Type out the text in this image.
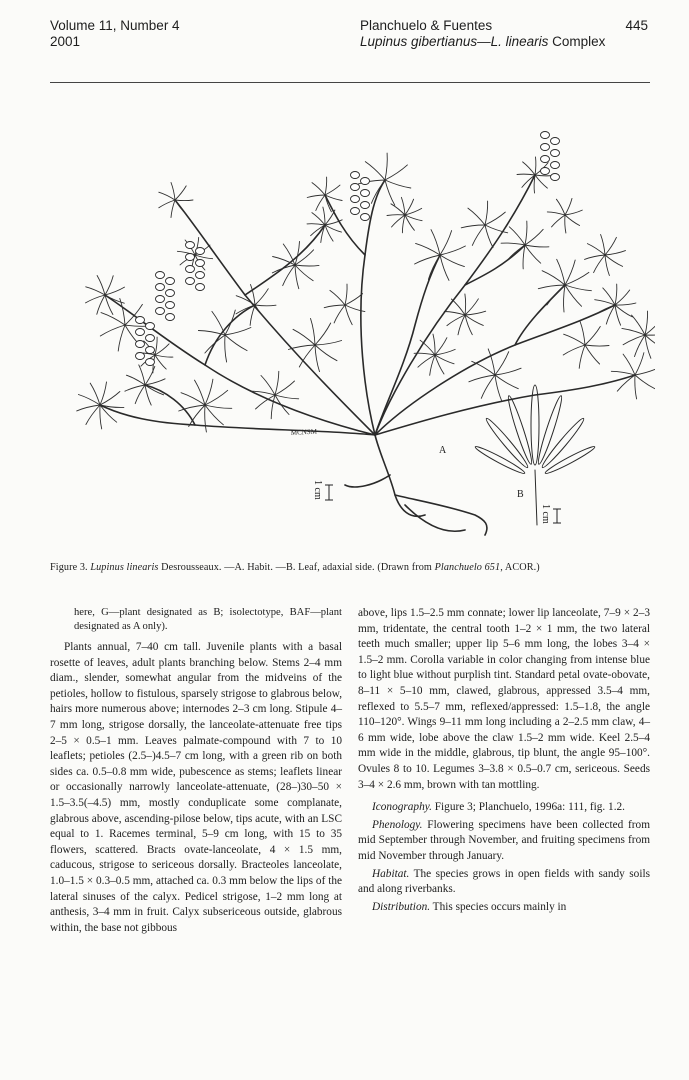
Volume 11, Number 4
2001
Planchuelo & Fuentes
Lupinus gibertianus—L. linearis Complex
445
1 cm
1 cm
A
B
MCNSM
Figure 3. Lupinus linearis Desrousseaux. —A. Habit. —B. Leaf, adaxial side. (Drawn from Planchuelo 651, ACOR.)
here, G—plant designated as B; isolectotype, BAF—plant designated as A only).

Plants annual, 7–40 cm tall. Juvenile plants with a basal rosette of leaves, adult plants branching below. Stems 2–4 mm diam., slender, somewhat angular from the midveins of the petioles, hollow to fistulous, sparsely strigose to glabrous below, hairs more numerous above; internodes 2–3 cm long. Stipule 4–7 mm long, strigose dorsally, the lanceolate-attenuate free tips 2–5 × 0.5–1 mm. Leaves palmate-compound with 7 to 10 leaflets; petioles (2.5–)4.5–7 cm long, with a green rib on both sides ca. 0.5–0.8 mm wide, pubescence as stems; leaflets linear or occasionally narrowly lanceolate-attenuate, (28–)30–50 × 1.5–3.5(–4.5) mm, mostly conduplicate some complanate, glabrous above, ascending-pilose below, tips acute, with an LSC equal to 1. Racemes terminal, 5–9 cm long, with 15 to 35 flowers, scattered. Bracts ovate-lanceolate, 4 × 1.5 mm, caducous, strigose to sericeous dorsally. Bracteoles lanceolate, 1.0–1.5 × 0.3–0.5 mm, attached ca. 0.3 mm below the lips of the lateral sinuses of the calyx. Pedicel strigose, 1–2 mm long at anthesis, 3–4 mm in fruit. Calyx subsericeous outside, glabrous within, the base not gibbous

above, lips 1.5–2.5 mm connate; lower lip lanceolate, 7–9 × 2–3 mm, tridentate, the central tooth 1–2 × 1 mm, the two lateral teeth much smaller; upper lip 5–6 mm long, the lobes 3–4 × 1.5–2 mm. Corolla variable in color changing from intense blue to light blue without purplish tint. Standard petal ovate-obovate, 8–11 × 5–10 mm, clawed, glabrous, appressed 3.5–4 mm, reflexed to 5.5–7 mm, reflexed/appressed: 1.5–1.8, the angle 110–120°. Wings 9–11 mm long including a 2–2.5 mm claw, 4–6 mm wide, lobe above the claw 1.5–2 mm wide. Keel 2.5–4 mm wide in the middle, glabrous, tip blunt, the angle 95–100°. Ovules 8 to 10. Legumes 3–3.8 × 0.5–0.7 cm, sericeous. Seeds 3–4 × 2.6 mm, brown with tan mottling.

Iconography. Figure 3; Planchuelo, 1996a: 111, fig. 1.2.

Phenology. Flowering specimens have been collected from mid September through November, and fruiting specimens from mid November through January.

Habitat. The species grows in open fields with sandy soils and along riverbanks.

Distribution. This species occurs mainly in
